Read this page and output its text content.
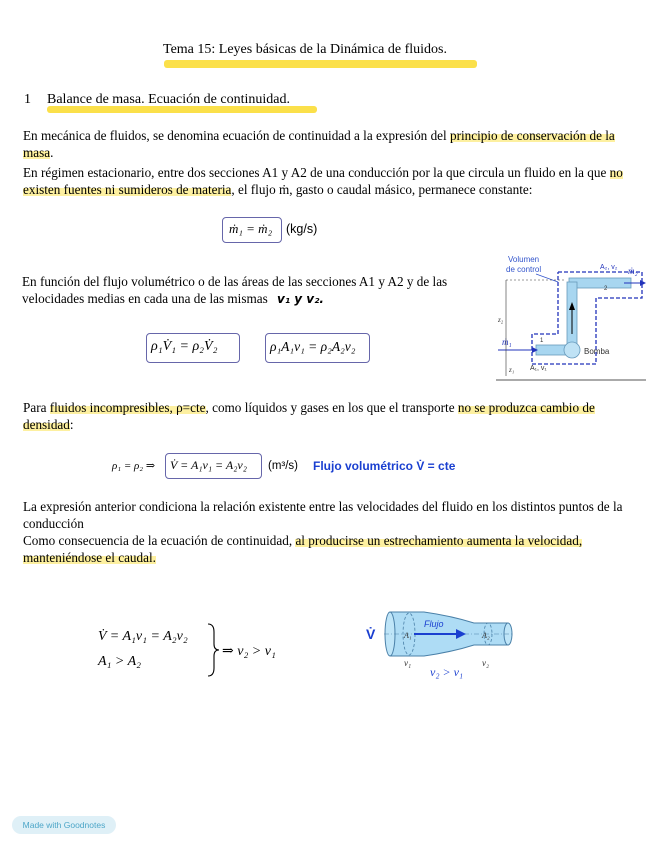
Tema 15: Leyes básicas de la Dinámica de fluidos.
1 Balance de masa. Ecuación de continuidad.
En mecánica de fluidos, se denomina ecuación de continuidad a la expresión del principio de conservación de la masa.
En régimen estacionario, entre dos secciones A1 y A2 de una conducción por la que circula un fluido en la que no existen fuentes ni sumideros de materia, el flujo ṁ, gasto o caudal másico, permanece constante:
ṁ₁ = ṁ₂ (kg/s)
En función del flujo volumétrico o de las áreas de las secciones A1 y A2 y de las velocidades medias en cada una de las mismas v₁ y v₂.
ρ₁V̇₁ = ρ₂V̇₂	ρ₁A₁v₁ = ρ₂A₂v₂
Volumen
de control	A₂, v₂ ṁ₂
2
ṁ₁	1
A₁, v₁
Bomba
z₂
z₁
Para fluidos incompresibles, ρ=cte, como líquidos y gases en los que el transporte no se produzca cambio de densidad:
ρ₁ = ρ₂ ⇒ V̇ = A₁v₁ = A₂v₂ (m³/s) Flujo volumétrico V̇ = cte
La expresión anterior condiciona la relación existente entre las velocidades del fluido en los distintos puntos de la conducción
Como consecuencia de la ecuación de continuidad, al producirse un estrechamiento aumenta la velocidad, manteniéndose el caudal.
V̇ = A₁v₁ = A₂v₂
A₁ > A₂
⇒ v₂ > v₁
V̇
Flujo
A₁	A₂
v₁	v₂
v₂ > v₁
Made with Goodnotes
